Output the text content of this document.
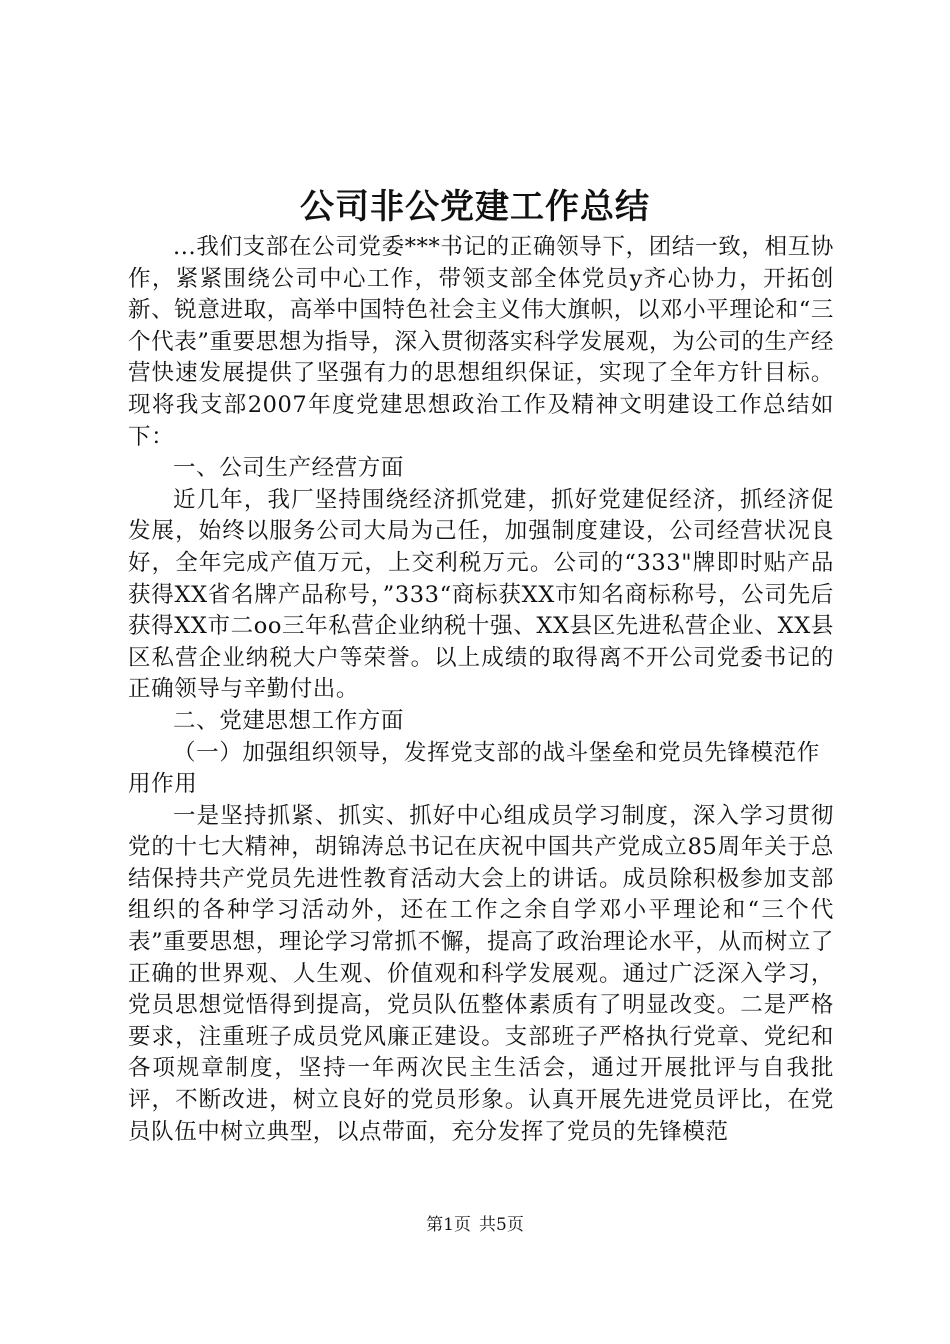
公司非公党建工作总结

...我们支部在公司党委***书记的正确领导下，团结一致，相互协作，紧紧围绕公司中心工作，带领支部全体党员y齐心协力，开拓创新、锐意进取，高举中国特色社会主义伟大旗帜，以邓小平理论和“三个代表”重要思想为指导，深入贯彻落实科学发展观，为公司的生产经营快速发展提供了坚强有力的思想组织保证，实现了全年方针目标。现将我支部2007年度党建思想政治工作及精神文明建设工作总结如下：

一、公司生产经营方面

近几年，我厂坚持围绕经济抓党建，抓好党建促经济，抓经济促发展，始终以服务公司大局为己任，加强制度建设，公司经营状况良好，全年完成产值万元，上交利税万元。公司的“333"牌即时贴产品获得XX省名牌产品称号，”333“商标获XX市知名商标称号，公司先后获得XX市二oo三年私营企业纳税十强、XX县区先进私营企业、XX县区私营企业纳税大户等荣誉。以上成绩的取得离不开公司党委书记的正确领导与辛勤付出。

二、党建思想工作方面

（一）加强组织领导，发挥党支部的战斗堡垒和党员先锋模范作用作用

一是坚持抓紧、抓实、抓好中心组成员学习制度，深入学习贯彻党的十七大精神，胡锦涛总书记在庆祝中国共产党成立85周年关于总结保持共产党员先进性教育活动大会上的讲话。成员除积极参加支部组织的各种学习活动外，还在工作之余自学邓小平理论和“三个代表”重要思想，理论学习常抓不懈，提高了政治理论水平，从而树立了正确的世界观、人生观、价值观和科学发展观。通过广泛深入学习，党员思想觉悟得到提高，党员队伍整体素质有了明显改变。二是严格要求，注重班子成员党风廉正建设。支部班子严格执行党章、党纪和各项规章制度，坚持一年两次民主生活会，通过开展批评与自我批评，不断改进，树立良好的党员形象。认真开展先进党员评比，在党员队伍中树立典型，以点带面，充分发挥了党员的先锋模范

第1页 共5页
